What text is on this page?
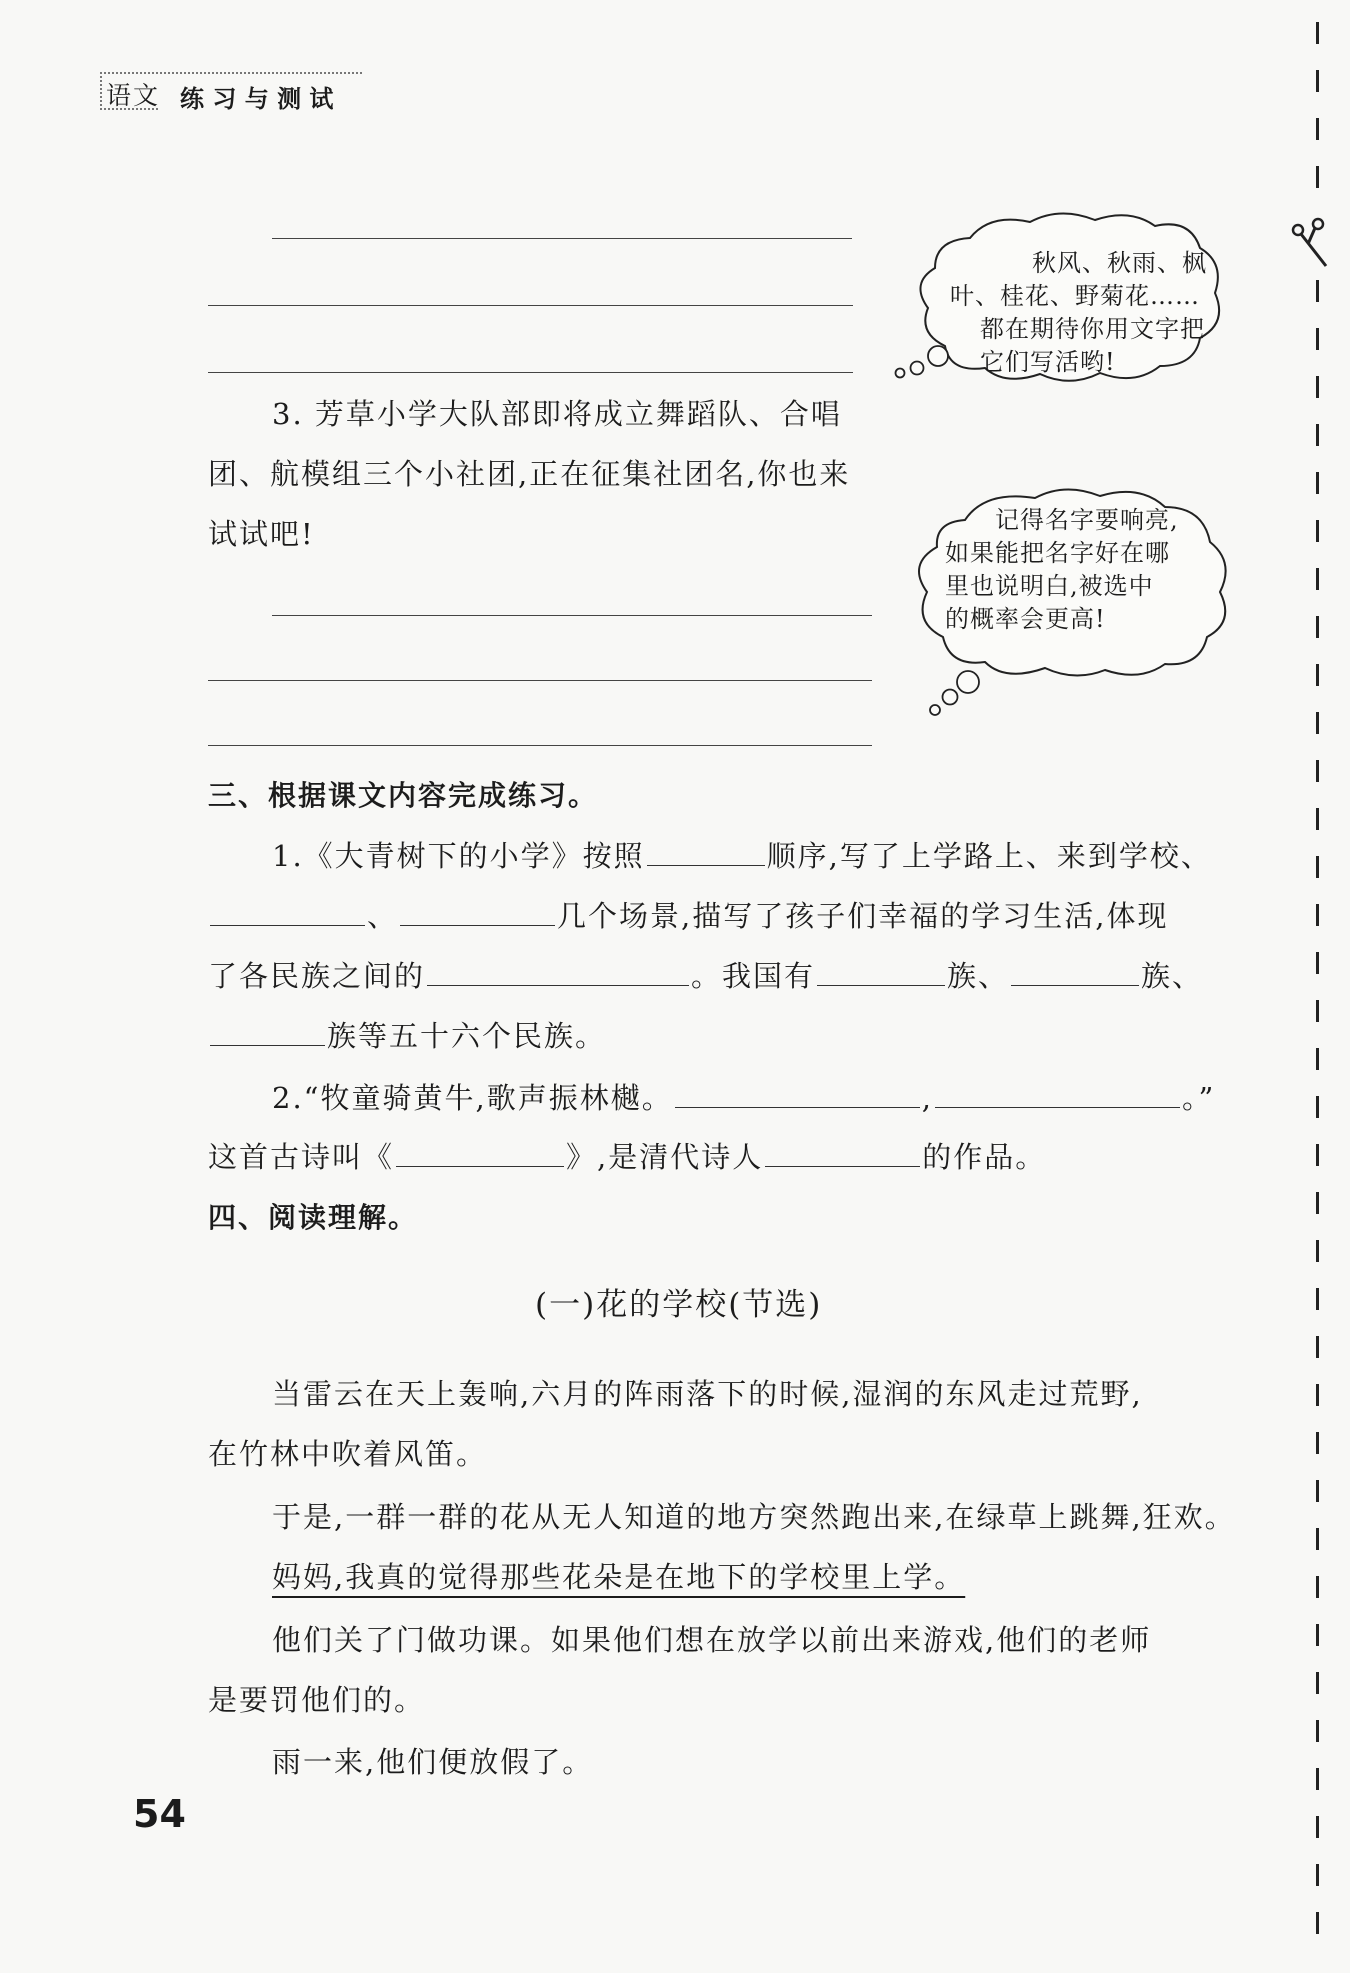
语文 练 习 与 测 试
秋风、秋雨、枫
叶、桂花、野菊花……
都在期待你用文字把
它们写活哟!
3. 芳草小学大队部即将成立舞蹈队、合唱
团、航模组三个小社团,正在征集社团名,你也来
试试吧!	记得名字要响亮,
如果能把名字好在哪
里也说明白,被选中
的概率会更高!
三、根据课文内容完成练习。
1.《大青树下的小学》按照	顺序,写了上学路上、来到学校、
、	几个场景,描写了孩子们幸福的学习生活,体现
了各民族之间的	。我国有	族、	族、
族等五十六个民族。
2.“牧童骑黄牛,歌声振林樾。	,	。”
这首古诗叫《	》,是清代诗人	的作品。
四、阅读理解。
(一)花的学校(节选)
当雷云在天上轰响,六月的阵雨落下的时候,湿润的东风走过荒野,
在竹林中吹着风笛。
于是,一群一群的花从无人知道的地方突然跑出来,在绿草上跳舞,狂欢。
妈妈,我真的觉得那些花朵是在地下的学校里上学。
他们关了门做功课。如果他们想在放学以前出来游戏,他们的老师
是要罚他们的。
雨一来,他们便放假了。
54
